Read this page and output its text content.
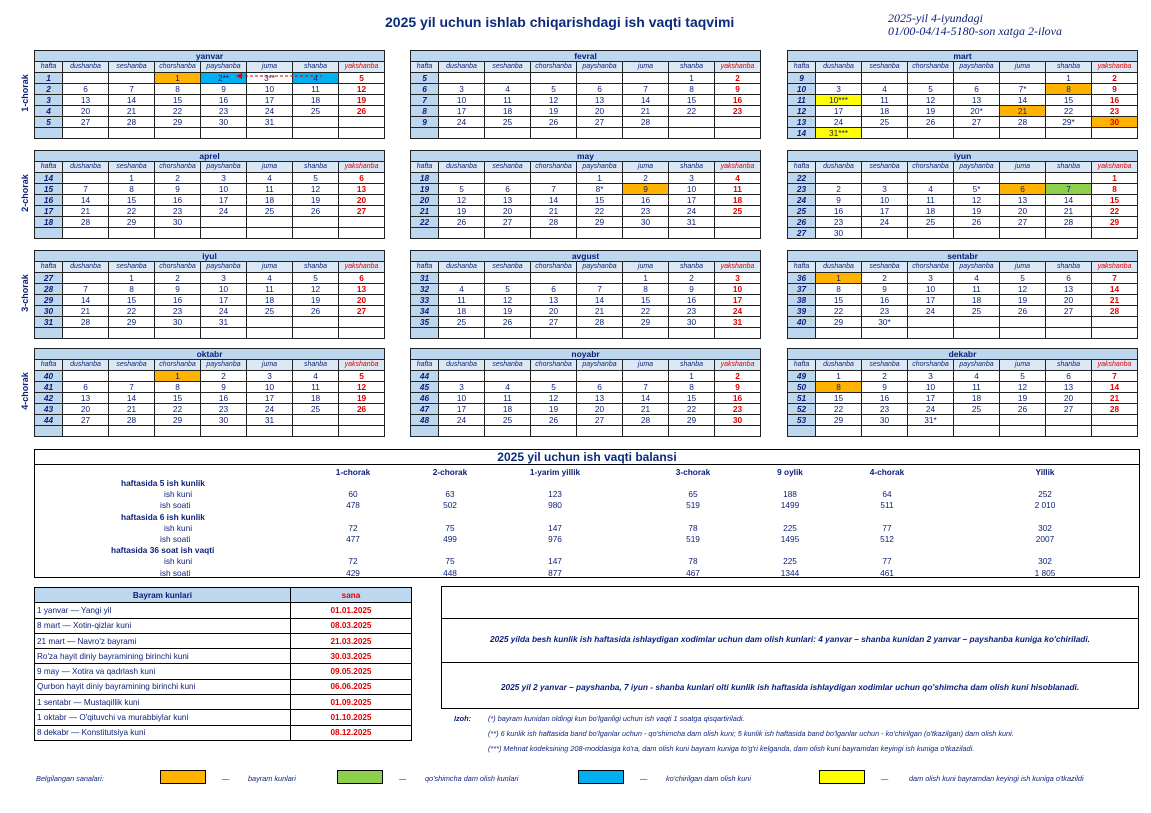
2025 yil uchun ishlab chiqarishdagi ish vaqti taqvimi	2025-yil 4-iyundagi
01/00-04/14-5180-son xatga 2-ilova
1-chorak
2-chorak
3-chorak
4-chorak
yanvar							
hafta	dushanba	seshanba	chorshanba	payshanba	juma	shanba	yakshanba
1			1	2**	3**	4	5
2	6	7	8	9	10	11	12
3	13	14	15	16	17	18	19
4	20	21	22	23	24	25	26
5	27	28	29	30	31		

fevral							
hafta	dushanba	seshanba	chorshanba	payshanba	juma	shanba	yakshanba
5						1	2
6	3	4	5	6	7	8	9
7	10	11	12	13	14	15	16
8	17	18	19	20	21	22	23
9	24	25	26	27	28		

mart							
hafta	dushanba	seshanba	chorshanba	payshanba	juma	shanba	yakshanba
9						1	2
10	3	4	5	6	7*	8	9
11	10***	11	12	13	14	15	16
12	17	18	19	20*	21	22	23
13	24	25	26	27	28	29*	30
14	31***						
aprel							
hafta	dushanba	seshanba	chorshanba	payshanba	juma	shanba	yakshanba
14		1	2	3	4	5	6
15	7	8	9	10	11	12	13
16	14	15	16	17	18	19	20
17	21	22	23	24	25	26	27
18	28	29	30				

may							
hafta	dushanba	seshanba	chorshanba	payshanba	juma	shanba	yakshanba
18				1	2	3	4
19	5	6	7	8*	9	10	11
20	12	13	14	15	16	17	18
21	19	20	21	22	23	24	25
22	26	27	28	29	30	31	

iyun							
hafta	dushanba	seshanba	chorshanba	payshanba	juma	shanba	yakshanba
22							1
23	2	3	4	5*	6	7	8
24	9	10	11	12	13	14	15
25	16	17	18	19	20	21	22
26	23	24	25	26	27	28	29
27	30						
iyul							
hafta	dushanba	seshanba	chorshanba	payshanba	juma	shanba	yakshanba
27		1	2	3	4	5	6
28	7	8	9	10	11	12	13
29	14	15	16	17	18	19	20
30	21	22	23	24	25	26	27
31	28	29	30	31			

avgust							
hafta	dushanba	seshanba	chorshanba	payshanba	juma	shanba	yakshanba
31					1	2	3
32	4	5	6	7	8	9	10
33	11	12	13	14	15	16	17
34	18	19	20	21	22	23	24
35	25	26	27	28	29	30	31

sentabr							
hafta	dushanba	seshanba	chorshanba	payshanba	juma	shanba	yakshanba
36	1	2	3	4	5	6	7
37	8	9	10	11	12	13	14
38	15	16	17	18	19	20	21
39	22	23	24	25	26	27	28
40	29	30*					

oktabr							
hafta	dushanba	seshanba	chorshanba	payshanba	juma	shanba	yakshanba
40			1	2	3	4	5
41	6	7	8	9	10	11	12
42	13	14	15	16	17	18	19
43	20	21	22	23	24	25	26
44	27	28	29	30	31		

noyabr							
hafta	dushanba	seshanba	chorshanba	payshanba	juma	shanba	yakshanba
44						1	2
45	3	4	5	6	7	8	9
46	10	11	12	13	14	15	16
47	17	18	19	20	21	22	23
48	24	25	26	27	28	29	30

dekabr							
hafta	dushanba	seshanba	chorshanba	payshanba	juma	shanba	yakshanba
49	1	2	3	4	5	6	7
50	8	9	10	11	12	13	14
51	15	16	17	18	19	20	21
52	22	23	24	25	26	27	28
53	29	30	31*				

2025 yil uchun ish vaqti balansi
1-chorak	2-chorak	1-yarim yillik	3-chorak	9 oylik	4-chorak	Yillik
haftasida 5 ish kunlik
ish kuni	60	63	123	65	188	64	252
ish soati	478	502	980	519	1499	511	2 010
haftasida 6 ish kunlik
ish kuni	72	75	147	78	225	77	302
ish soati	477	499	976	519	1495	512	2007
haftasida 36 soat ish vaqti
ish kuni	72	75	147	78	225	77	302
ish soati	429	448	877	467	1344	461	1 805
Bayram kunlari	sana
1 yanvar — Yangi yil	01.01.2025
8 mart — Xotin-qizlar kuni	08.03.2025
21 mart — Navro'z bayrami	21.03.2025
Ro'za hayit diniy bayramining birinchi kuni	30.03.2025
9 may — Xotira va qadrlash kuni	09.05.2025
Qurbon hayit diniy bayramining birinchi kuni	06.06.2025
1 sentabr — Mustaqillik kuni	01.09.2025
1 oktabr — O'qituvchi va murabbiylar kuni	01.10.2025
8 dekabr — Konstitutsiya kuni	08.12.2025
2025 yilda besh kunlik ish haftasida ishlaydigan xodimlar uchun dam olish kunlari: 4 yanvar – shanba kunidan 2 yanvar – payshanba kuniga ko'chiriladi.
2025 yil 2 yanvar – payshanba, 7 iyun - shanba kunlari olti kunlik ish haftasida ishlaydigan xodimlar uchun qo'shimcha dam olish kuni hisoblanadi.
Izoh: (*) bayram kunidan oldingi kun bo'lganligi uchun ish vaqti 1 soatga qisqartiriladi.
(**) 6 kunlik ish haftasida band bo'lganlar uchun - qo'shimcha dam olish kuni; 5 kunlik ish haftasida band bo'lganlar uchun - ko'chirilgan (o'tkazilgan) dam olish kuni.
(***) Mehnat kodeksining 208-moddasiga ko'ra, dam olish kuni bayram kuniga to'g'ri kelganda, dam olish kuni bayramdan keyingi ish kuniga o'tkaziladi.
Belgilangan sanalari:	—	bayram kunlari	—	qo'shimcha dam olish kunlari	—	ko'chirilgan dam olish kuni	—	dam olish kuni bayramdan keyingi ish kuniga o'tkazildi
